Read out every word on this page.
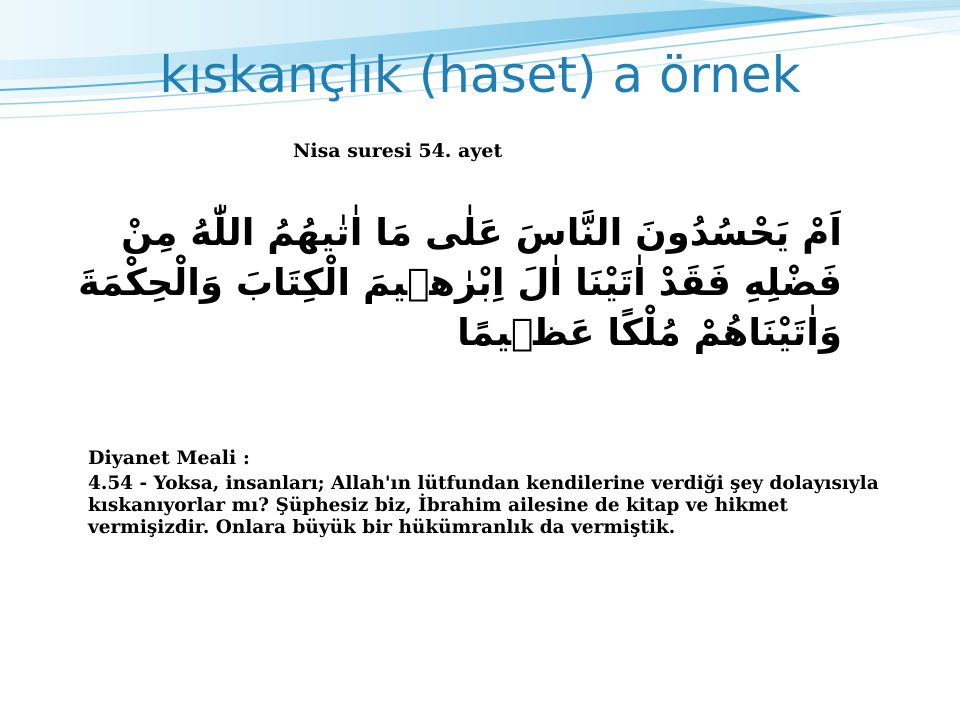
kıskançlık (haset) a örnek
Nisa suresi 54. ayet
اَمْ يَحْسُدُونَ النَّاسَ عَلٰى مَا اٰتٰيهُمُ اللّٰهُ مِنْ فَضْلِهِ فَقَدْ اٰتَيْنَا اٰلَ اِبْرٰهٖيمَ الْكِتَابَ وَالْحِكْمَةَ وَاٰتَيْنَاهُمْ مُلْكًا عَظٖيمًا
Diyanet Meali :
4.54 - Yoksa, insanları; Allah'ın lütfundan kendilerine verdiği şey dolayısıyla kıskanıyorlar mı? Şüphesiz biz, İbrahim ailesine de kitap ve hikmet vermişizdir. Onlara büyük bir hükümranlık da vermiştik.
